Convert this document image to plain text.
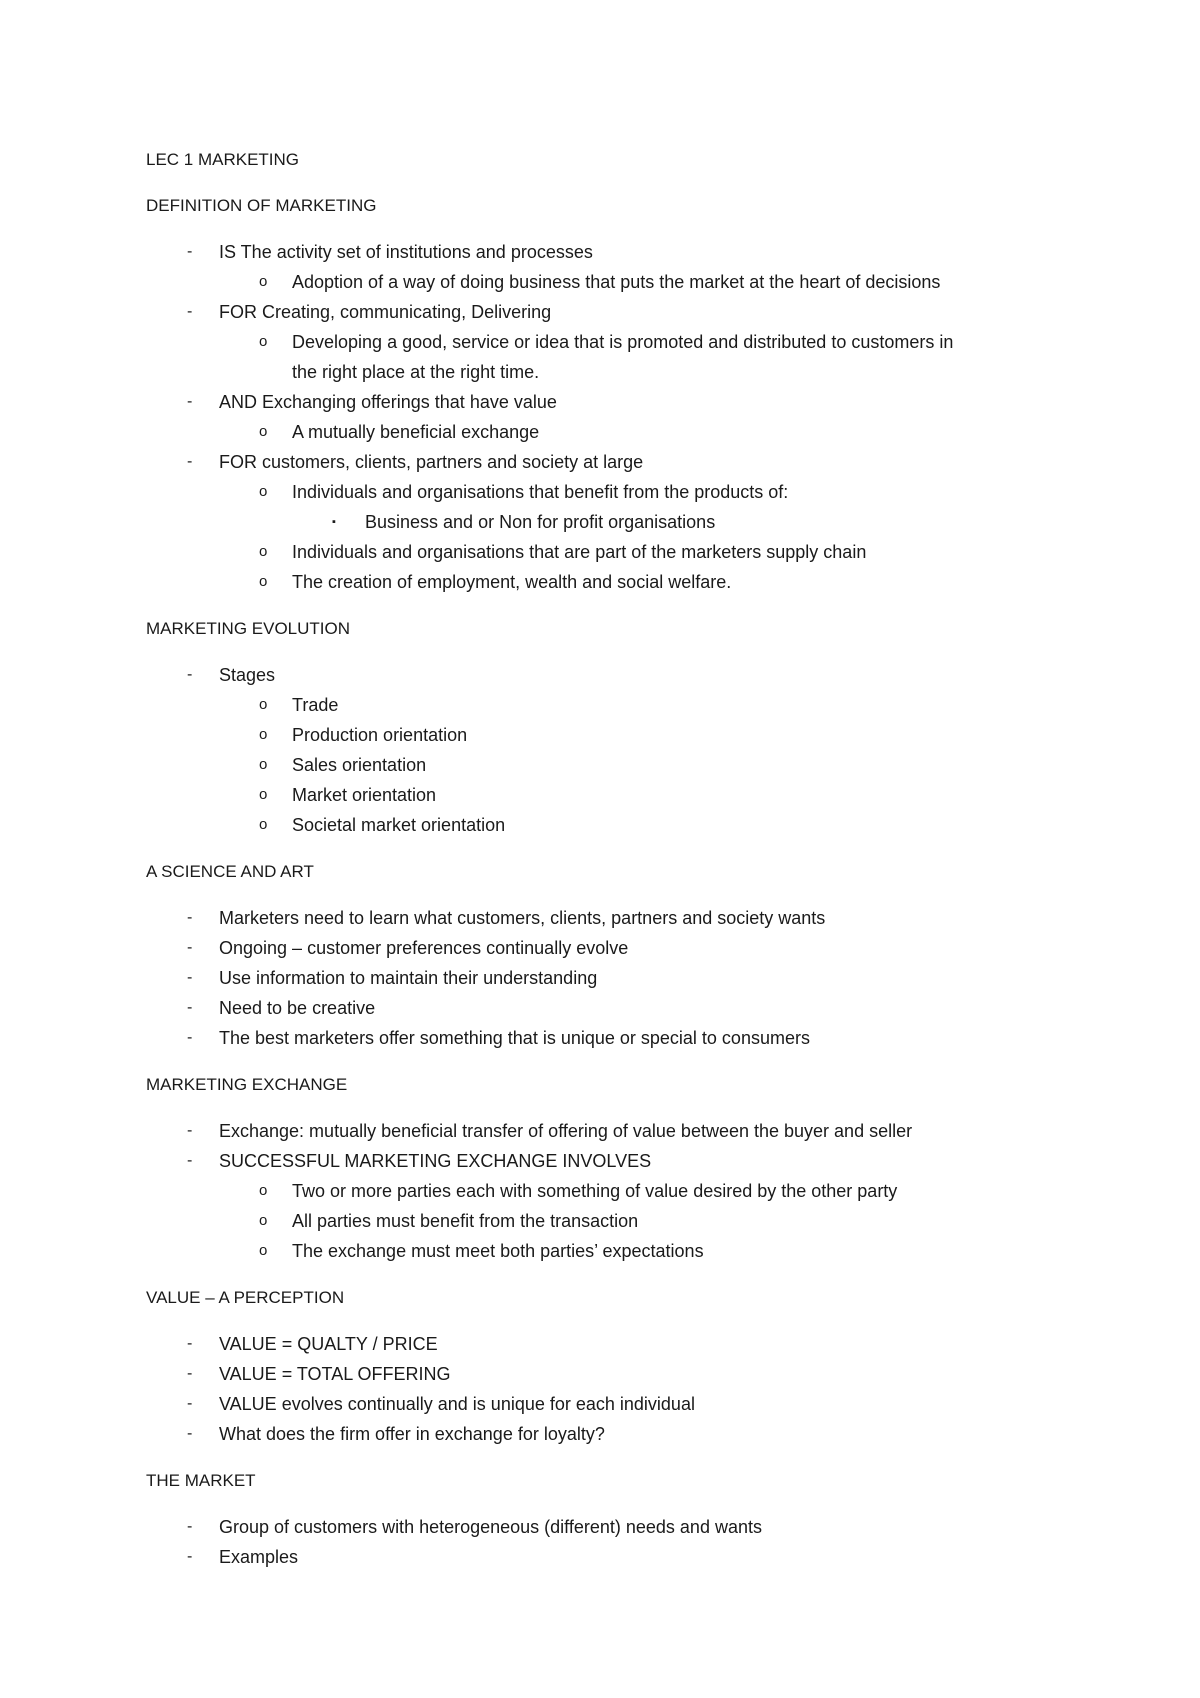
LEC 1 MARKETING
DEFINITION OF MARKETING
- IS The activity set of institutions and processes
o Adoption of a way of doing business that puts the market at the heart of decisions
- FOR Creating, communicating, Delivering
o Developing a good, service or idea that is promoted and distributed to customers in
the right place at the right time.
- AND Exchanging offerings that have value
o A mutually beneficial exchange
- FOR customers, clients, partners and society at large
o Individuals and organisations that benefit from the products of:
▪ Business and or Non for profit organisations
o Individuals and organisations that are part of the marketers supply chain
o The creation of employment, wealth and social welfare.
MARKETING EVOLUTION
- Stages
o Trade
o Production orientation
o Sales orientation
o Market orientation
o Societal market orientation
A SCIENCE AND ART
- Marketers need to learn what customers, clients, partners and society wants
- Ongoing – customer preferences continually evolve
- Use information to maintain their understanding
- Need to be creative
- The best marketers offer something that is unique or special to consumers
MARKETING EXCHANGE
- Exchange: mutually beneficial transfer of offering of value between the buyer and seller
- SUCCESSFUL MARKETING EXCHANGE INVOLVES
o Two or more parties each with something of value desired by the other party
o All parties must benefit from the transaction
o The exchange must meet both parties’ expectations
VALUE – A PERCEPTION
- VALUE = QUALTY / PRICE
- VALUE = TOTAL OFFERING
- VALUE evolves continually and is unique for each individual
- What does the firm offer in exchange for loyalty?
THE MARKET
- Group of customers with heterogeneous (different) needs and wants
- Examples
